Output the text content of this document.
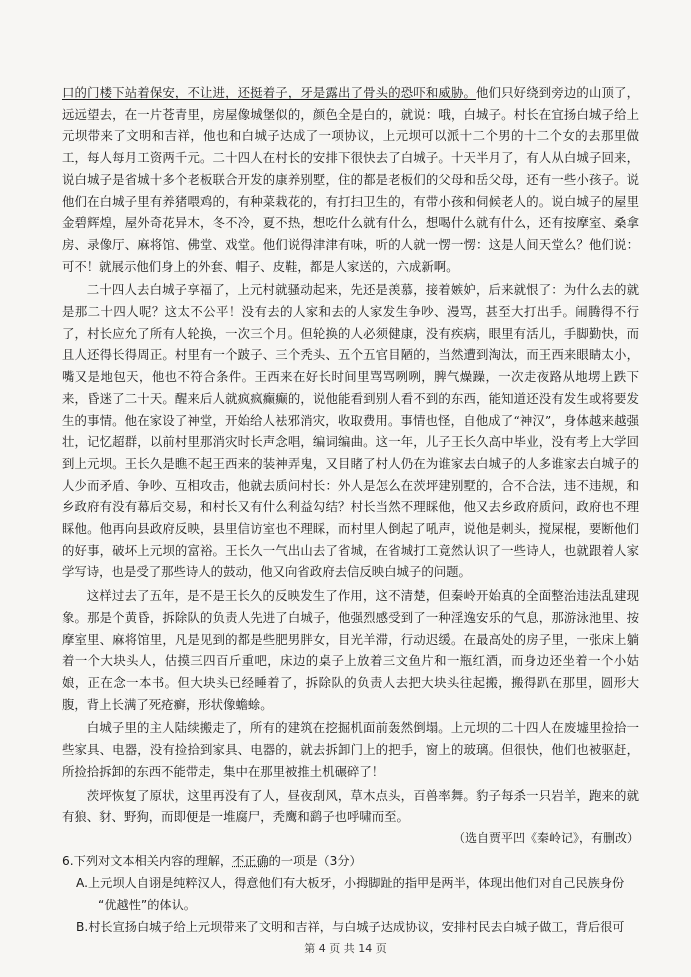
口的门楼下站着保安，不让进，还挺着子，牙是露出了骨头的恐吓和威胁。他们只好绕到旁边的山顶了，远远望去，在一片苍青里，房屋像城堡似的，颜色全是白的，就说：哦，白城子。村长在宜扬白城子给上元坝带来了文明和吉祥，他也和白城子达成了一项协议，上元坝可以派十二个男的十二个女的去那里做工，每人每月工资两千元。二十四人在村长的安排下很快去了白城子。十天半月了，有人从白城子回来，说白城子是省城十多个老板联合开发的康养别墅，住的都是老板们的父母和岳父母，还有一些小孩子。说他们在白城子里有养猪喂鸡的，有种菜栽花的，有打扫卫生的，有带小孩和伺候老人的。说白城子的屋里金碧辉煌，屋外奇花异木，冬不冷，夏不热，想吃什么就有什么，想喝什么就有什么，还有按摩室、桑拿房、录像厅、麻将馆、佛堂、戏堂。他们说得津津有味，听的人就一愣一愣：这是人间天堂么？他们说：可不！就展示他们身上的外套、帽子、皮鞋，都是人家送的，六成新啊。

二十四人去白城子享福了，上元村就骚动起来，先还是羡慕，接着嫉妒，后来就恨了：为什么去的就是那二十四人呢？这太不公平！没有去的人家和去的人家发生争吵、漫骂，甚至大打出手。闹腾得不行了，村长应允了所有人轮换，一次三个月。但轮换的人必须健康，没有疾病，眼里有活儿，手脚勤快，而且人还得长得周正。村里有一个跛子、三个秃头、五个五官目陋的，当然遭到淘汰，而王西来眼睛太小，嘴又是地包天，他也不符合条件。王西来在好长时间里骂骂咧咧，脾气燥躁，一次走夜路从地塄上跌下来，昏迷了二十天。醒来后人就疯疯癫癫的，说他能看到别人看不到的东西，能知道还没有发生或将要发生的事情。他在家设了神堂，开始给人袪邪消灾，收取费用。事情也怪，自他成了“神汉”，身体越来越强壮，记忆超群，以前村里那消灾时长声念唱，编词编曲。这一年，儿子王长久高中毕业，没有考上大学回到上元坝。王长久是瞧不起王西来的装神弄鬼，又目睹了村人仍在为谁家去白城子的人多谁家去白城子的人少而矛盾、争吵、互相攻击，他就去质问村长：外人是怎么在茨坪建别墅的，合不合法，违不违规，和乡政府有没有幕后交易，和村长又有什么利益勾结？村长当然不理睬他，他又去乡政府质问，政府也不理睬他。他再向县政府反映，县里信访室也不理睬，而村里人倒起了吼声，说他是刺头，搅屎棍，要断他们的好事，破坏上元坝的富裕。王长久一气出山去了省城，在省城打工竟然认识了一些诗人，也就跟着人家学写诗，也是受了那些诗人的鼓动，他又向省政府去信反映白城子的问题。

这样过去了五年，是不是王长久的反映发生了作用，这不清楚，但秦岭开始真的全面整治违法乱建现象。那是个黄昏，拆除队的负责人先进了白城子，他强烈感受到了一种淫逸安乐的气息，那游泳池里、按摩室里、麻将馆里，凡是见到的都是些肥男胖女，目光羊滞，行动迟缓。在最高处的房子里，一张床上躺着一个大块头人，估摸三四百斤重吧，床边的桌子上放着三文鱼片和一瓶红酒，而身边还坐着一个小姑娘，正在念一本书。但大块头已经睡着了，拆除队的负责人去把大块头往起搬，搬得趴在那里，圆形大腹，背上长满了死疮癣，形状像蟾蜍。

白城子里的主人陆续搬走了，所有的建筑在挖掘机面前轰然倒塌。上元坝的二十四人在废墟里捡拾一些家具、电器，没有捡拾到家具、电器的，就去拆卸门上的把手，窗上的玻璃。但很快，他们也被驱赶，所捡拾拆卸的东西不能带走，集中在那里被推土机碾碎了！

茨坪恢复了原状，这里再没有了人，昼夜刮风，草木点头，百兽率舞。豹子每杀一只岩羊，跑来的就有狼、豺、野狗，而即便是一堆腐尸，秃鹰和鹞子也呼啸而至。

（选自贾平凹《秦岭记》，有删改）

6.下列对文本相关内容的理解，不正确的一项是（3分）

A.上元坝人自诩是纯粹汉人，得意他们有大板牙，小拇脚趾的指甲是两半，体现出他们对自己民族身份
“优越性”的体认。

B.村长宣扬白城子给上元坝带来了文明和吉祥，与白城子达成协议，安排村民去白城子做工，背后很可

第 4 页 共 14 页
